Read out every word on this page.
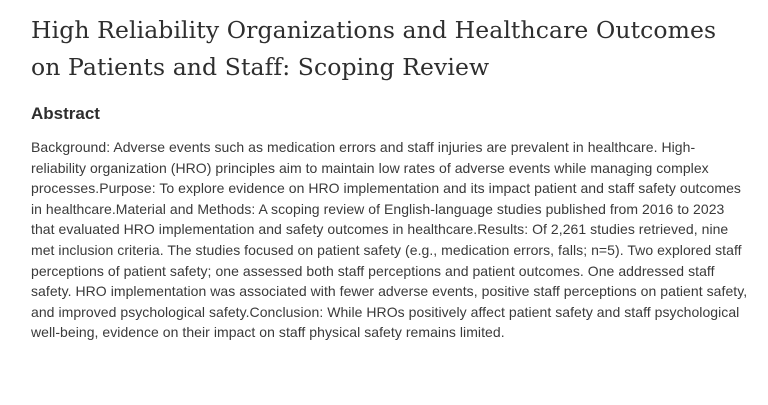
High Reliability Organizations and Healthcare Outcomes on Patients and Staff: Scoping Review
Abstract

Background: Adverse events such as medication errors and staff injuries are prevalent in healthcare. High-reliability organization (HRO) principles aim to maintain low rates of adverse events while managing complex processes.Purpose: To explore evidence on HRO implementation and its impact patient and staff safety outcomes in healthcare.Material and Methods: A scoping review of English-language studies published from 2016 to 2023 that evaluated HRO implementation and safety outcomes in healthcare.Results: Of 2,261 studies retrieved, nine met inclusion criteria. The studies focused on patient safety (e.g., medication errors, falls; n=5). Two explored staff perceptions of patient safety; one assessed both staff perceptions and patient outcomes. One addressed staff safety. HRO implementation was associated with fewer adverse events, positive staff perceptions on patient safety, and improved psychological safety.Conclusion: While HROs positively affect patient safety and staff psychological well-being, evidence on their impact on staff physical safety remains limited.
